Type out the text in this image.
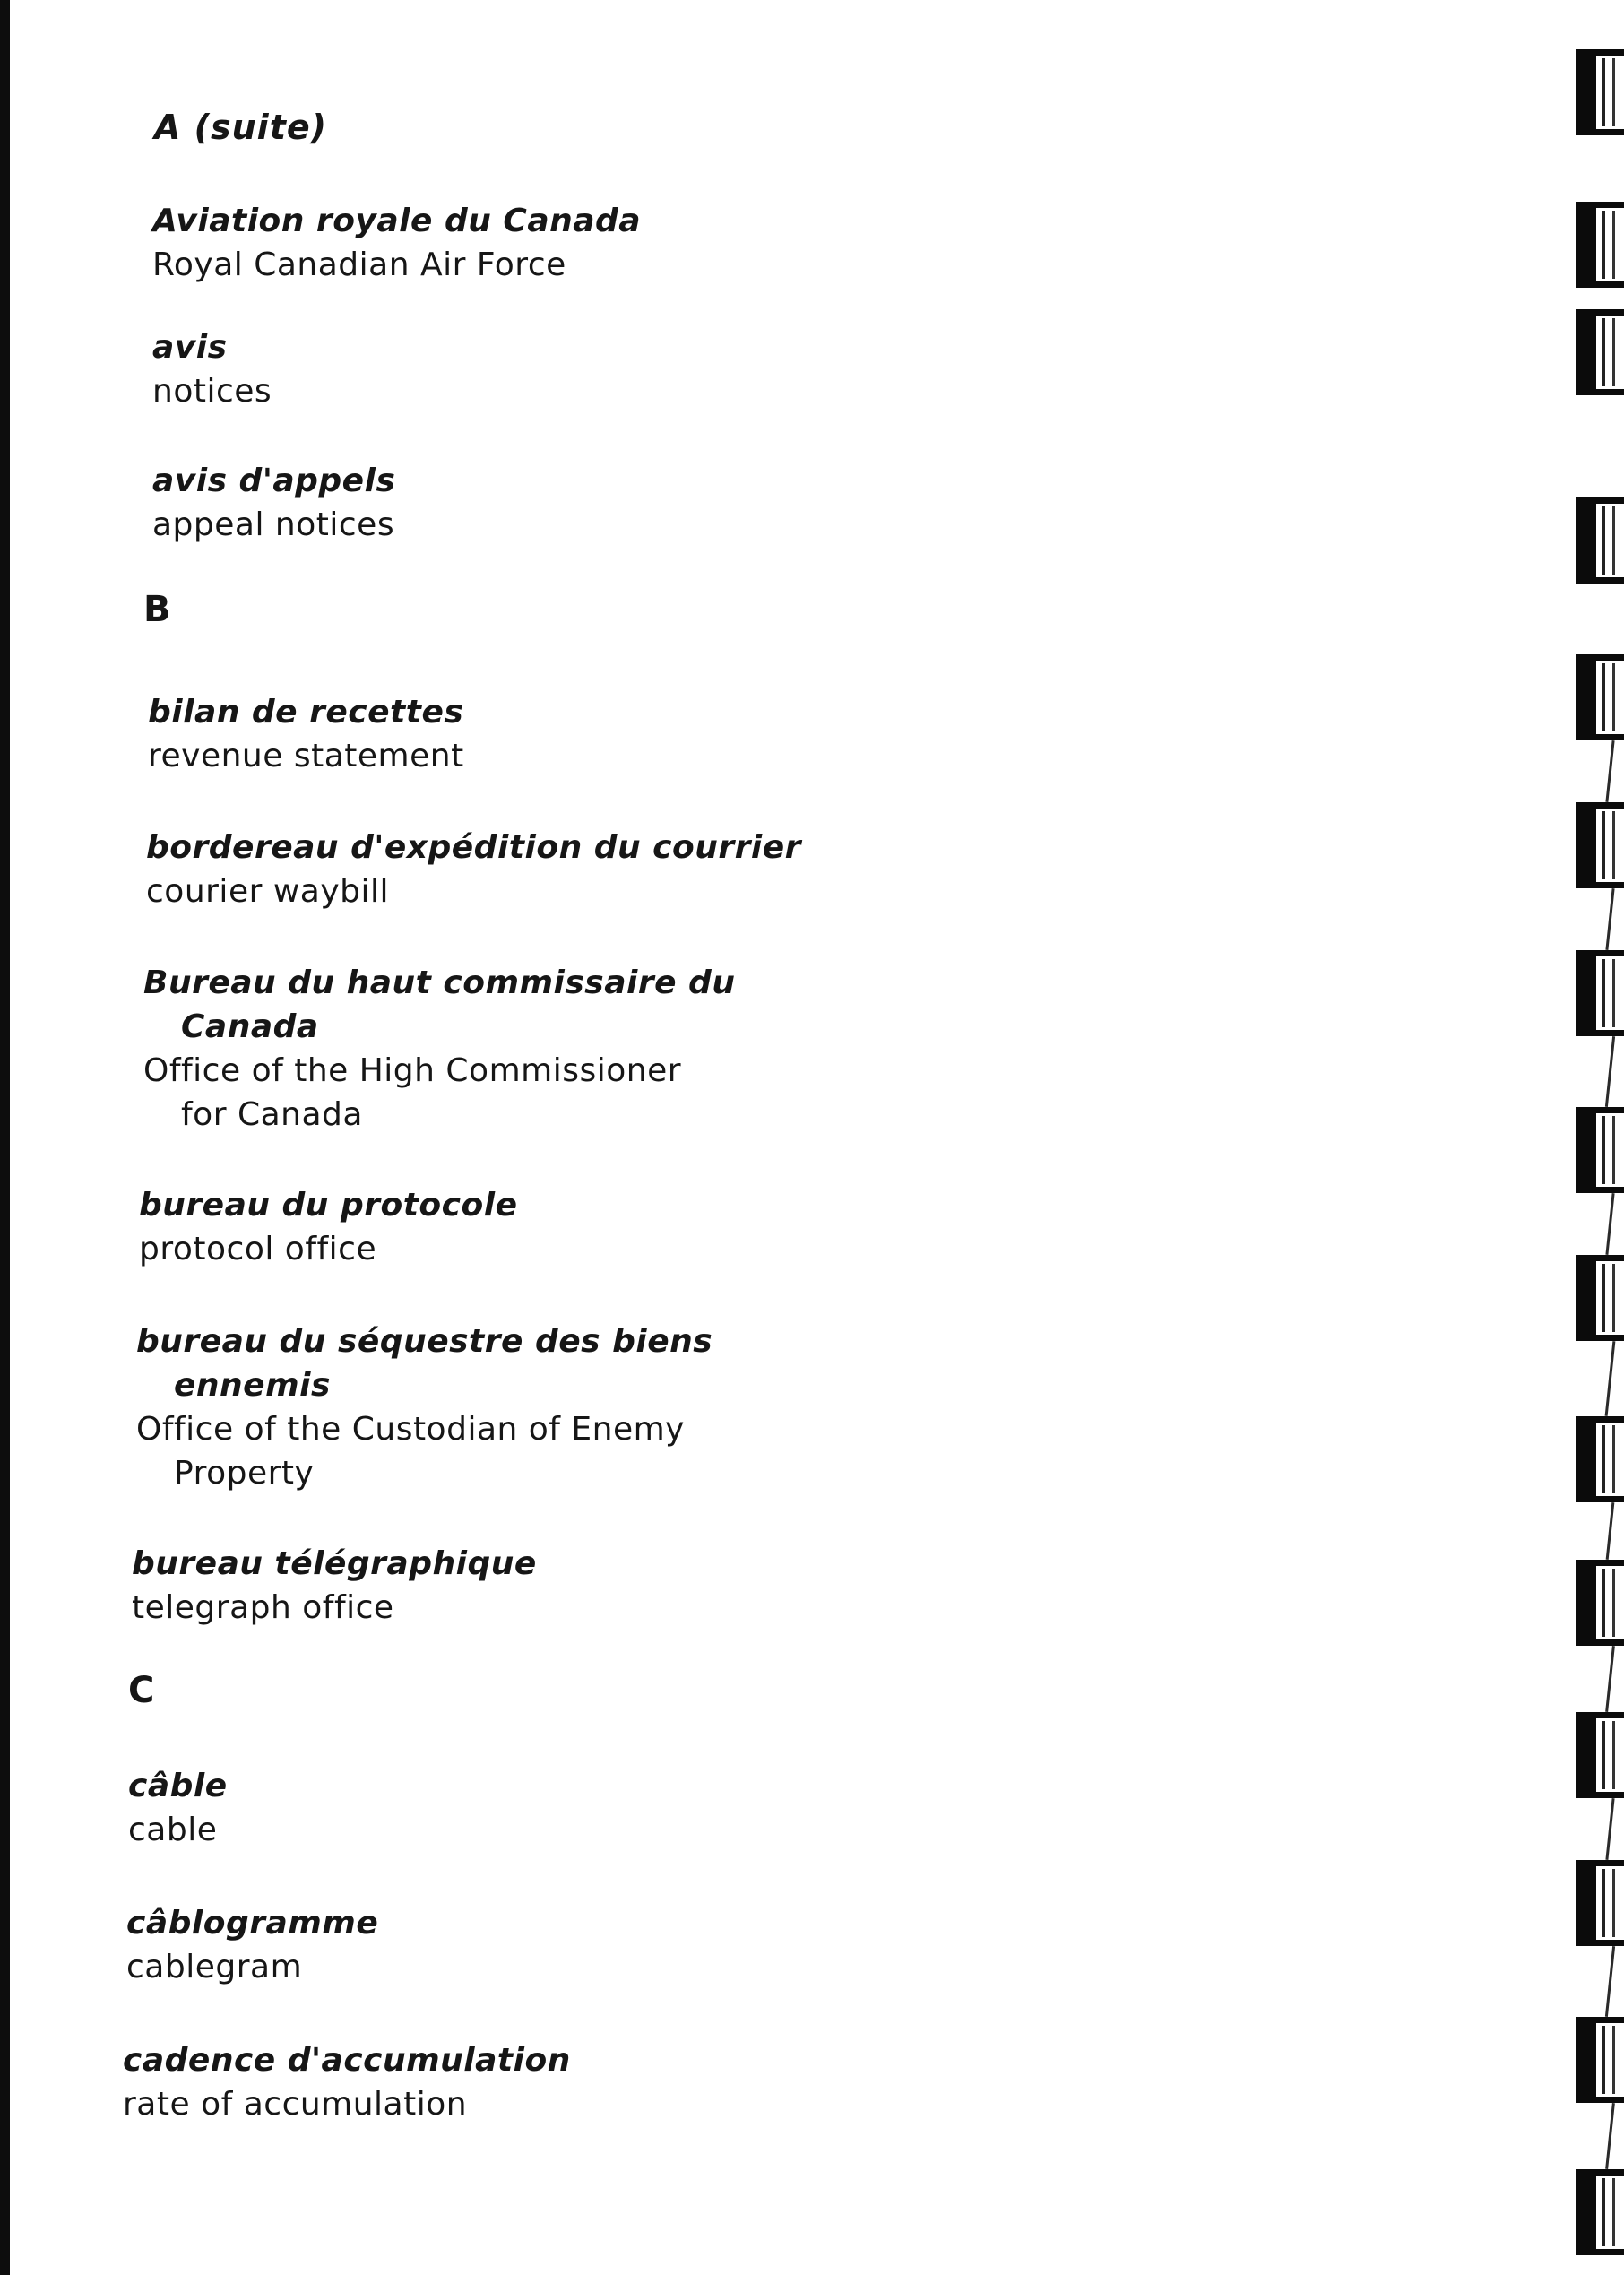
A (suite)
Aviation royale du Canada
Royal Canadian Air Force
avis
notices
avis d'appels
appeal notices
B
bilan de recettes
revenue statement
bordereau d'expédition du courrier
courier waybill
Bureau du haut commissaire du
Canada
Office of the High Commissioner
for Canada
bureau du protocole
protocol office
bureau du séquestre des biens
ennemis
Office of the Custodian of Enemy
Property
bureau télégraphique
telegraph office
C
câble
cable
câblogramme
cablegram
cadence d'accumulation
rate of accumulation
